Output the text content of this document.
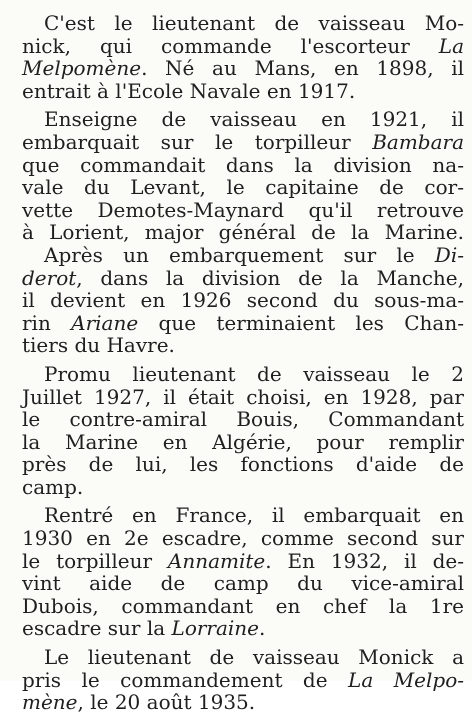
C'est le lieutenant de vaisseau Mo-
nick, qui commande l'escorteur La
Melpomène. Né au Mans, en 1898, il
entrait à l'Ecole Navale en 1917.
Enseigne de vaisseau en 1921, il
embarquait sur le torpilleur Bambara
que commandait dans la division na-
vale du Levant, le capitaine de cor-
vette Demotes-Maynard qu'il retrouve
à Lorient, major général de la Marine.
Après un embarquement sur le Di-
derot, dans la division de la Manche,
il devient en 1926 second du sous-ma-
rin Ariane que terminaient les Chan-
tiers du Havre.
Promu lieutenant de vaisseau le 2
Juillet 1927, il était choisi, en 1928, par
le contre-amiral Bouis, Commandant
la Marine en Algérie, pour remplir
près de lui, les fonctions d'aide de
camp.
Rentré en France, il embarquait en
1930 en 2e escadre, comme second sur
le torpilleur Annamite. En 1932, il de-
vint aide de camp du vice-amiral
Dubois, commandant en chef la 1re
escadre sur la Lorraine.
Le lieutenant de vaisseau Monick a
pris le commandement de La Melpo-
mène, le 20 août 1935.
